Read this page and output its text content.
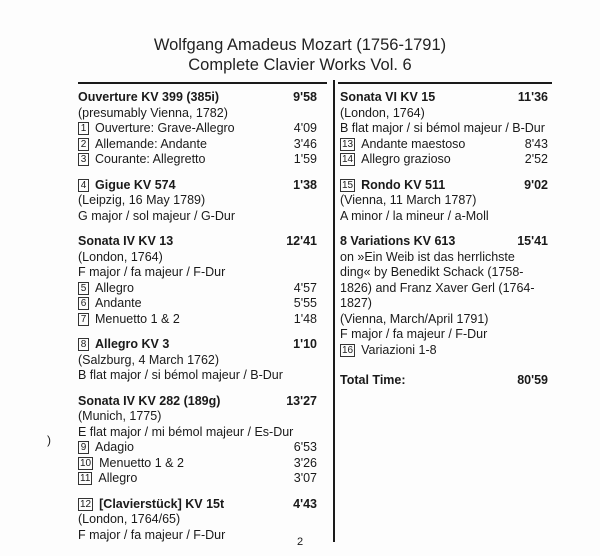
Wolfgang Amadeus Mozart (1756-1791)
Complete Clavier Works Vol. 6
Ouverture KV 399 (385i)	9'58
(presumably Vienna, 1782)
1 Ouverture: Grave-Allegro	4'09
2 Allemande: Andante	3'46
3 Courante: Allegretto	1'59
4 Gigue KV 574	1'38
(Leipzig, 16 May 1789)
G major / sol majeur / G-Dur
Sonata IV KV 13	12'41
(London, 1764)
F major / fa majeur / F-Dur
5 Allegro	4'57
6 Andante	5'55
7 Menuetto 1 & 2	1'48
8 Allegro KV 3	1'10
(Salzburg, 4 March 1762)
B flat major / si bémol majeur / B-Dur
Sonata IV KV 282 (189g)	13'27
(Munich, 1775)
E flat major / mi bémol majeur / Es-Dur
9 Adagio	6'53
10 Menuetto 1 & 2	3'26
11 Allegro	3'07
12 [Clavierstück] KV 15t	4'43
(London, 1764/65)
F major / fa majeur / F-Dur
Sonata VI KV 15	11'36
(London, 1764)
B flat major / si bémol majeur / B-Dur
13 Andante maestoso	8'43
14 Allegro grazioso	2'52
15 Rondo KV 511	9'02
(Vienna, 11 March 1787)
A minor / la mineur / a-Moll
8 Variations KV 613	15'41
on »Ein Weib ist das herrlichste ding« by Benedikt Schack (1758-1826) and Franz Xaver Gerl (1764-1827)
(Vienna, March/April 1791)
F major / fa majeur / F-Dur
16 Variazioni 1-8
Total Time:	80'59
)
2
